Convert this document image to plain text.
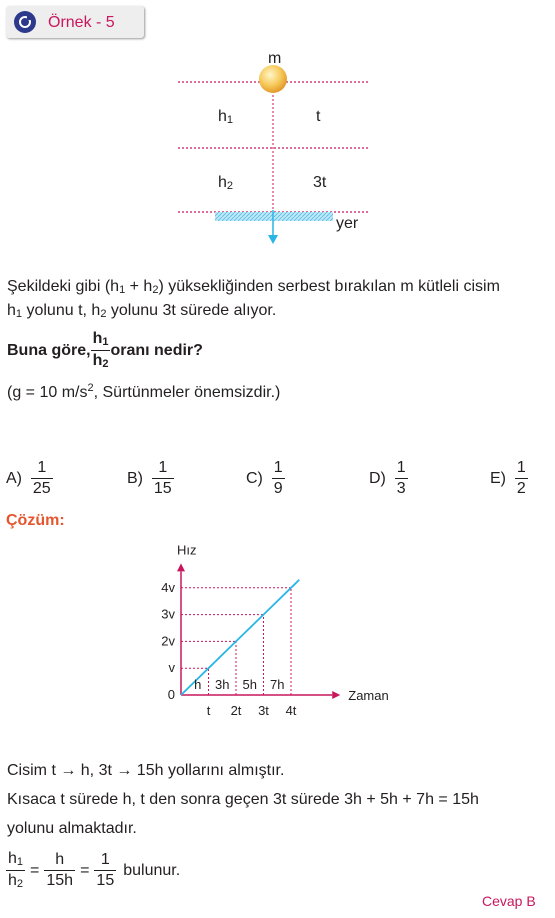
Örnek - 5
m
$h_1$	t
$h_2$	3t
yer
Şekildeki gibi $(h_1 + h_2)$ yüksekliğinden serbest bırakılan m kütleli cisim
$h_1$ yolunu t, $h_2$ yolunu 3t sürede alıyor.
Buna göre, $\frac{h_1}{h_2}$ oranı nedir?
(g = 10 $m/s^2$, Sürtünmeler önemsizdir.)
A)
$\frac{1}{25}$	B)
$\frac{1}{15}$	C)
$\frac{1}{9}$	D)
$\frac{1}{3}$	E)
$\frac{1}{2}$
Çözüm:
t 2t 3t 4t
v
2v
3v
4v
0	Zaman
Hız
h 3h 5h 7h
Cisim t → h, 3t → 15h yollarını almıştır.
Kısaca t sürede h, t den sonra geçen 3t sürede 3h + 5h + 7h = 15h
yolunu almaktadır.
$\frac{h_1}{h_2} = \frac{h}{15h} = \frac{1}{15}$ bulunur.
Cevap B
